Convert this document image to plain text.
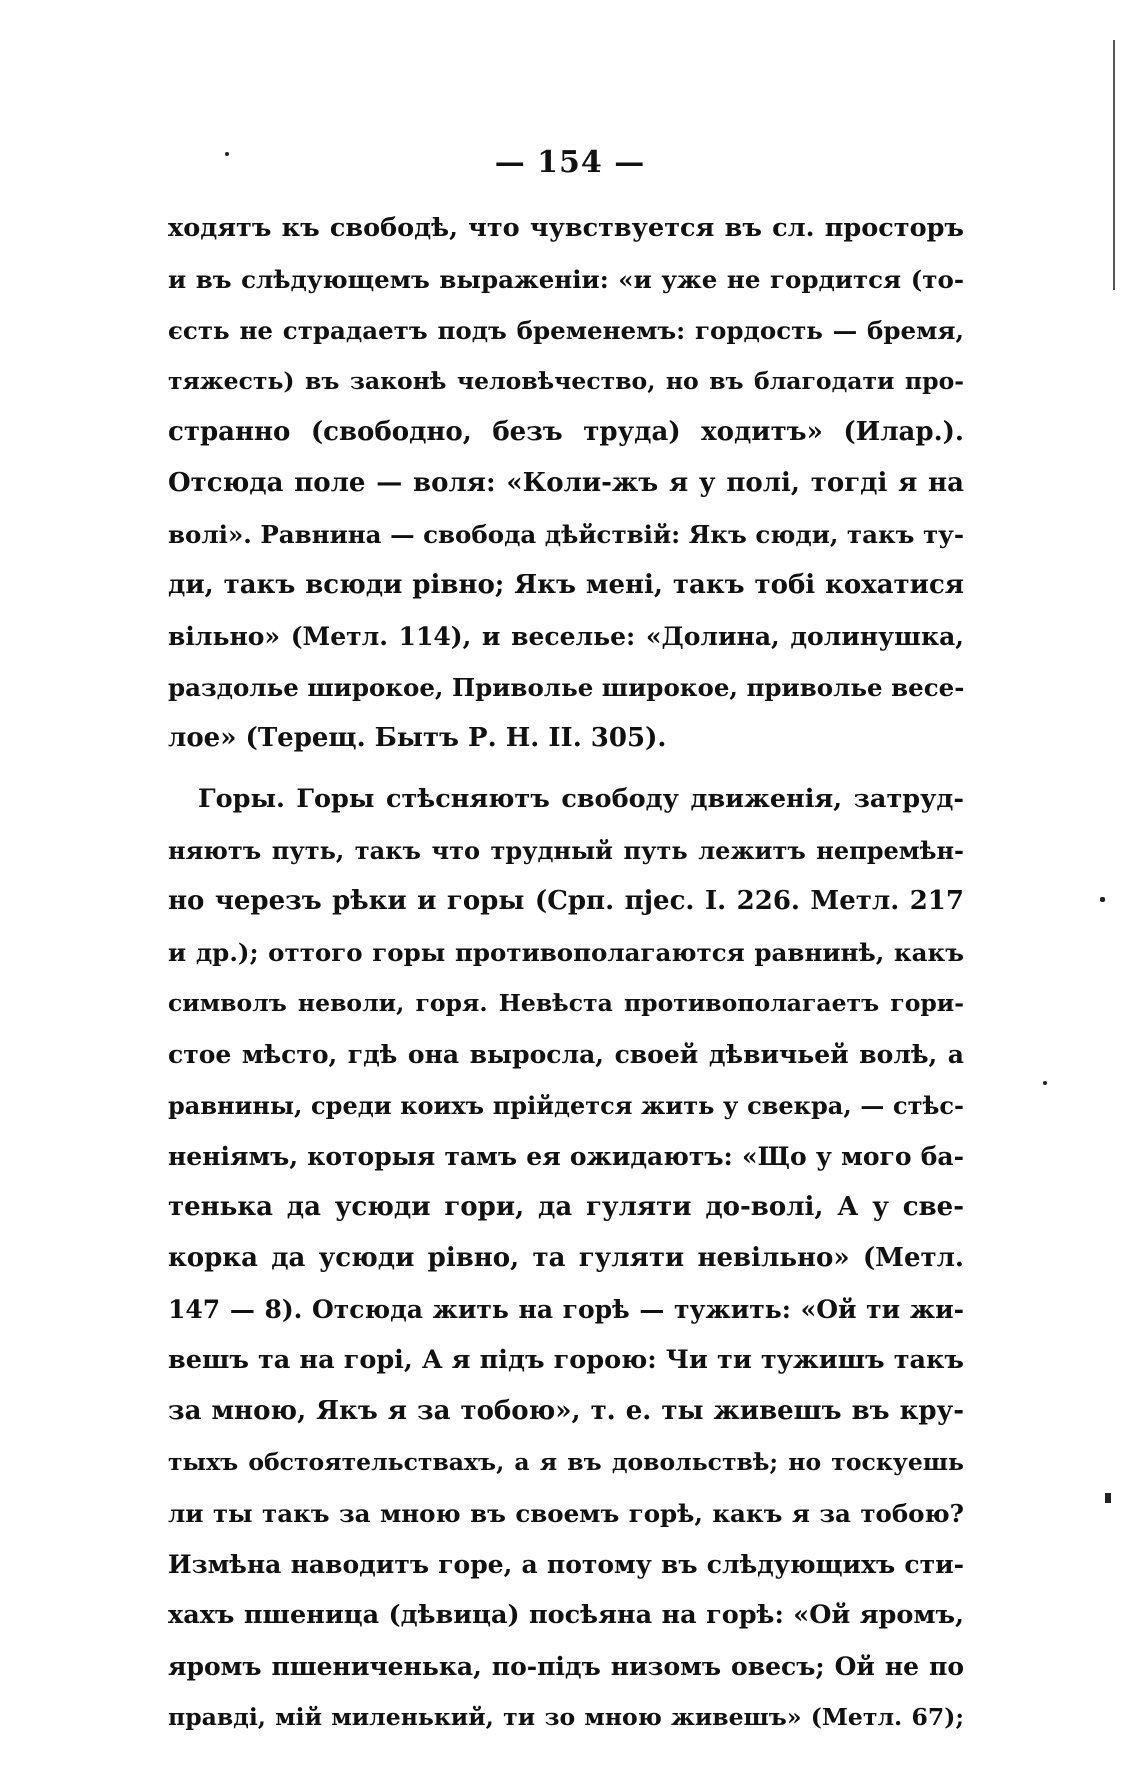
— 154 —
ходятъ къ свободѣ, что чувствуется въ сл. просторъ
и въ слѣдующемъ выраженіи: «и уже не гордится (то-
єсть не страдаетъ подъ бременемъ: гордость — бремя,
тяжесть) въ законѣ человѣчество, но въ благодати про-
странно (свободно, безъ труда) ходитъ» (Илар.).
Отсюда поле — воля: «Коли-жъ я у полі, тогді я на
волі». Равнина — свобода дѣйствій: Якъ сюди, такъ ту-
ди, такъ всюди рівно; Якъ мені, такъ тобі кохатися
вільно» (Метл. 114), и веселье: «Долина, долинушка,
раздолье широкое, Приволье широкое, приволье весе-
лое» (Терещ. Бытъ Р. Н. II. 305).
Горы. Горы стѣсняютъ свободу движенія, затруд-
няютъ путь, такъ что трудный путь лежитъ непремѣн-
но черезъ рѣки и горы (Срп. пјес. I. 226. Метл. 217
и др.); оттого горы противополагаются равнинѣ, какъ
символъ неволи, горя. Невѣста противополагаетъ гори-
стое мѣсто, гдѣ она выросла, своей дѣвичьей волѣ, а
равнины, среди коихъ прійдется жить у свекра, — стѣс-
неніямъ, которыя тамъ ея ожидаютъ: «Що у мого ба-
тенька да усюди гори, да гуляти до-волі, А у све-
корка да усюди рівно, та гуляти невільно» (Метл.
147 — 8). Отсюда жить на горѣ — тужить: «Ой ти жи-
вешъ та на горі, А я підъ горою: Чи ти тужишъ такъ
за мною, Якъ я за тобою», т. е. ты живешъ въ кру-
тыхъ обстоятельствахъ, а я въ довольствѣ; но тоскуешь
ли ты такъ за мною въ своемъ горѣ, какъ я за тобою?
Измѣна наводитъ горе, а потому въ слѣдующихъ сти-
хахъ пшеница (дѣвица) посѣяна на горѣ: «Ой яромъ,
яромъ пшениченька, по-підъ низомъ овесъ; Ой не по
правді, мій миленький, ти зо мною живешъ» (Метл. 67);
